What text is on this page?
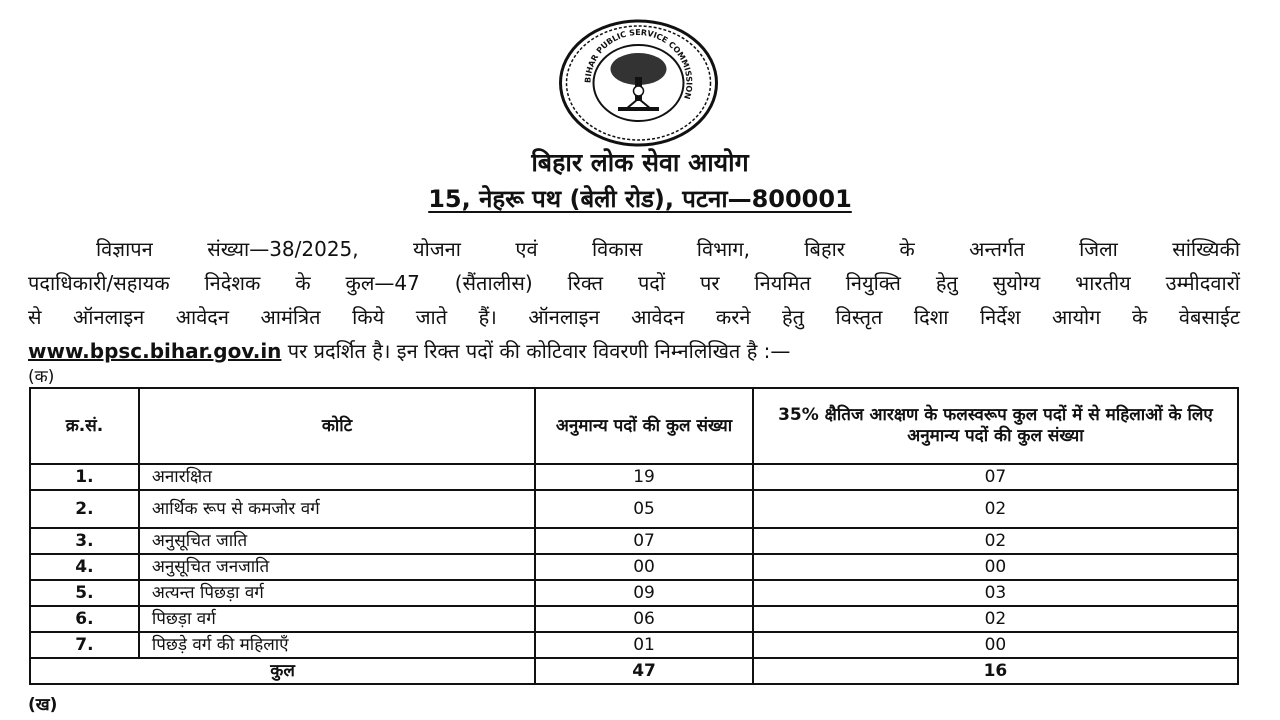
BIHAR PUBLIC SERVICE COMMISSION
बिहार लोक सेवा आयोग
15, नेहरू पथ (बेली रोड), पटना—800001
विज्ञापन संख्या—38/2025, योजना एवं विकास विभाग, बिहार के अन्तर्गत जिला सांख्यिकी
पदाधिकारी/सहायक निदेशक के कुल—47 (सैंतालीस) रिक्त पदों पर नियमित नियुक्ति हेतु सुयोग्य भारतीय उम्मीदवारों
से ऑनलाइन आवेदन आमंत्रित किये जाते हैं। ऑनलाइन आवेदन करने हेतु विस्तृत दिशा निर्देश आयोग के वेबसाईट
www.bpsc.bihar.gov.in पर प्रदर्शित है। इन रिक्त पदों की कोटिवार विवरणी निम्नलिखित है :—
(क)
क्र.सं.	कोटि	अनुमान्य पदों की कुल संख्या	35% क्षैतिज आरक्षण के फलस्वरूप कुल पदों में से महिलाओं के लिए अनुमान्य पदों की कुल संख्या
1.	अनारक्षित	19	07
2.	आर्थिक रूप से कमजोर वर्ग	05	02
3.	अनुसूचित जाति	07	02
4.	अनुसूचित जनजाति	00	00
5.	अत्यन्त पिछड़ा वर्ग	09	03
6.	पिछड़ा वर्ग	06	02
7.	पिछड़े वर्ग की महिलाएँ	01	00
कुल		47	16
(ख)
